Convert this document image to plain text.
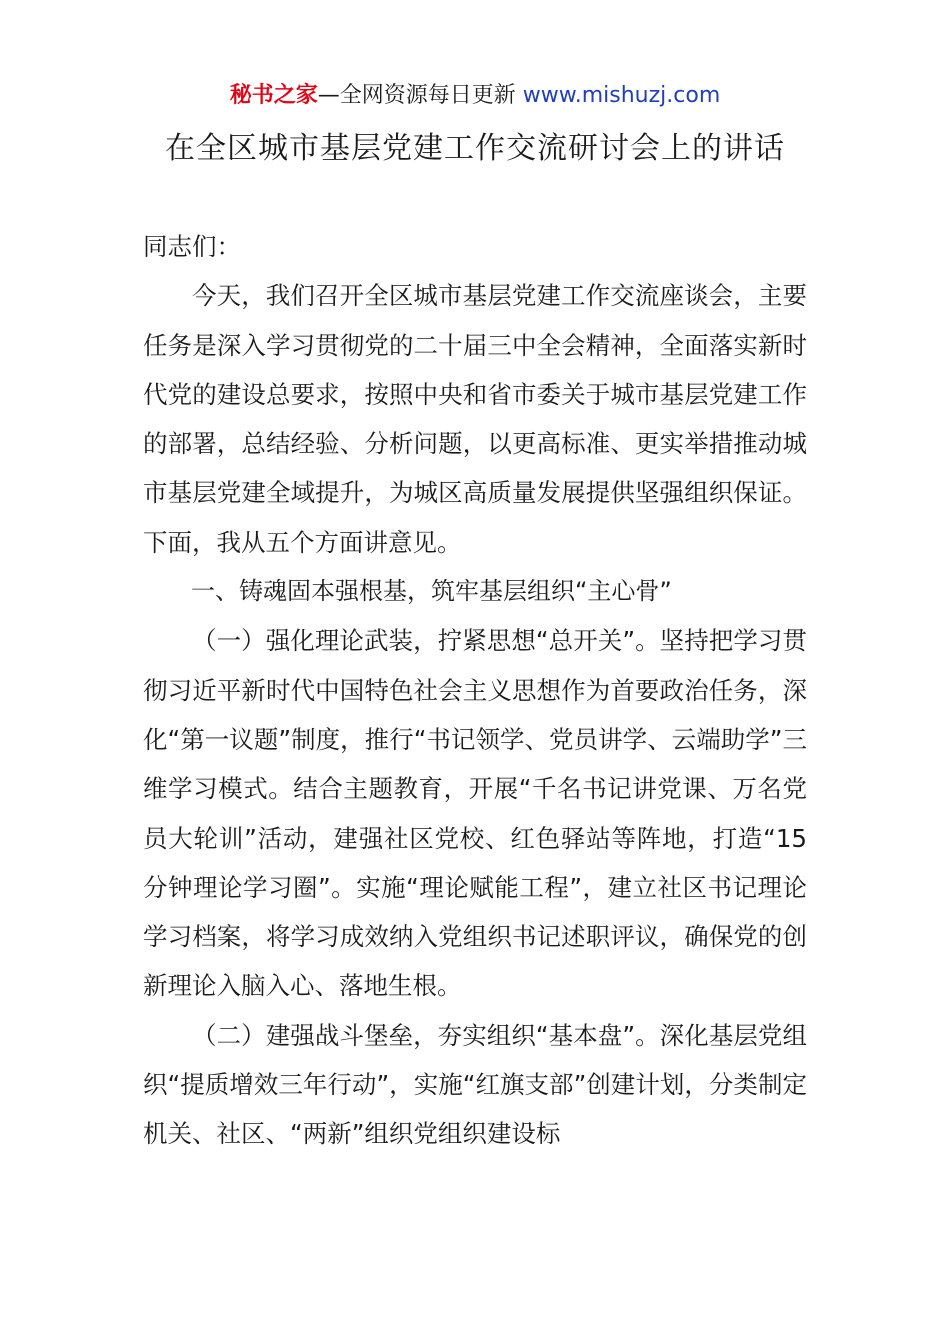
秘书之家—全网资源每日更新 www.mishuzj.com
在全区城市基层党建工作交流研讨会上的讲话

同志们：

今天，我们召开全区城市基层党建工作交流座谈会，主要任务是深入学习贯彻党的二十届三中全会精神，全面落实新时代党的建设总要求，按照中央和省市委关于城市基层党建工作的部署，总结经验、分析问题，以更高标准、更实举措推动城市基层党建全域提升，为城区高质量发展提供坚强组织保证。下面，我从五个方面讲意见。

一、铸魂固本强根基，筑牢基层组织“主心骨”

（一）强化理论武装，拧紧思想“总开关”。坚持把学习贯彻习近平新时代中国特色社会主义思想作为首要政治任务，深化“第一议题”制度，推行“书记领学、党员讲学、云端助学”三维学习模式。结合主题教育，开展“千名书记讲党课、万名党员大轮训”活动，建强社区党校、红色驿站等阵地，打造“15分钟理论学习圈”。实施“理论赋能工程”，建立社区书记理论学习档案，将学习成效纳入党组织书记述职评议，确保党的创新理论入脑入心、落地生根。

（二）建强战斗堡垒，夯实组织“基本盘”。深化基层党组织“提质增效三年行动”，实施“红旗支部”创建计划，分类制定机关、社区、“两新”组织党组织建设标
